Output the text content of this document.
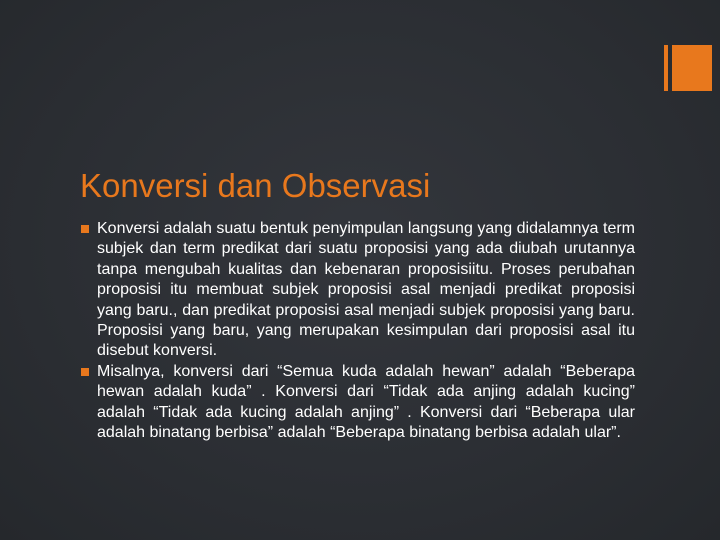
Konversi dan Observasi
Konversi adalah suatu bentuk penyimpulan langsung yang didalamnya term subjek dan term predikat dari suatu proposisi yang ada diubah urutannya tanpa mengubah kualitas dan kebenaran proposisiitu. Proses perubahan proposisi itu membuat subjek proposisi asal menjadi predikat proposisi yang baru., dan predikat proposisi asal menjadi subjek proposisi yang baru. Proposisi yang baru, yang merupakan kesimpulan dari proposisi asal itu disebut konversi.
Misalnya, konversi dari “Semua kuda adalah hewan” adalah “Beberapa hewan adalah kuda” . Konversi dari “Tidak ada anjing adalah kucing” adalah “Tidak ada kucing adalah anjing” . Konversi dari “Beberapa ular adalah binatang berbisa” adalah “Beberapa binatang berbisa adalah ular”.
